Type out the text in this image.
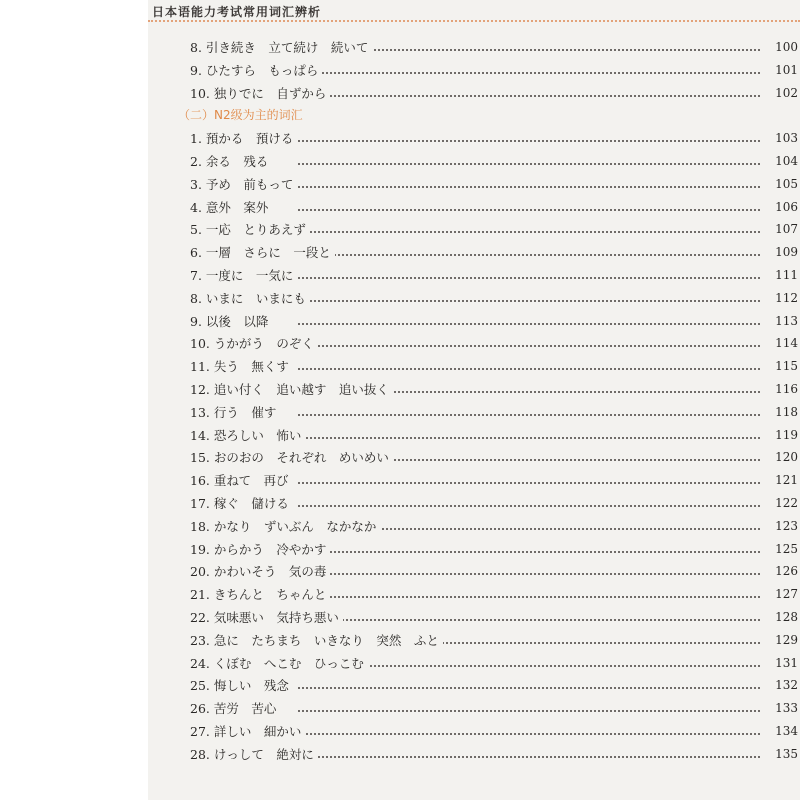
日本语能力考试常用词汇辨析
8. 引き続き　立て続け　続いて	100
9. ひたすら　もっぱら	101
10. 独りでに　自ずから	102
（二）N2级为主的词汇
1. 預かる　預ける	103
2. 余る　残る	104
3. 予め　前もって	105
4. 意外　案外	106
5. 一応　とりあえず	107
6. 一層　さらに　一段と	109
7. 一度に　一気に	111
8. いまに　いまにも	112
9. 以後　以降	113
10. うかがう　のぞく	114
11. 失う　無くす	115
12. 追い付く　追い越す　追い抜く	116
13. 行う　催す	118
14. 恐ろしい　怖い	119
15. おのおの　それぞれ　めいめい	120
16. 重ねて　再び	121
17. 稼ぐ　儲ける	122
18. かなり　ずいぶん　なかなか	123
19. からかう　冷やかす	125
20. かわいそう　気の毒	126
21. きちんと　ちゃんと	127
22. 気味悪い　気持ち悪い	128
23. 急に　たちまち　いきなり　突然　ふと	129
24. くぼむ　へこむ　ひっこむ	131
25. 悔しい　残念	132
26. 苦労　苦心	133
27. 詳しい　細かい	134
28. けっして　絶対に	135
